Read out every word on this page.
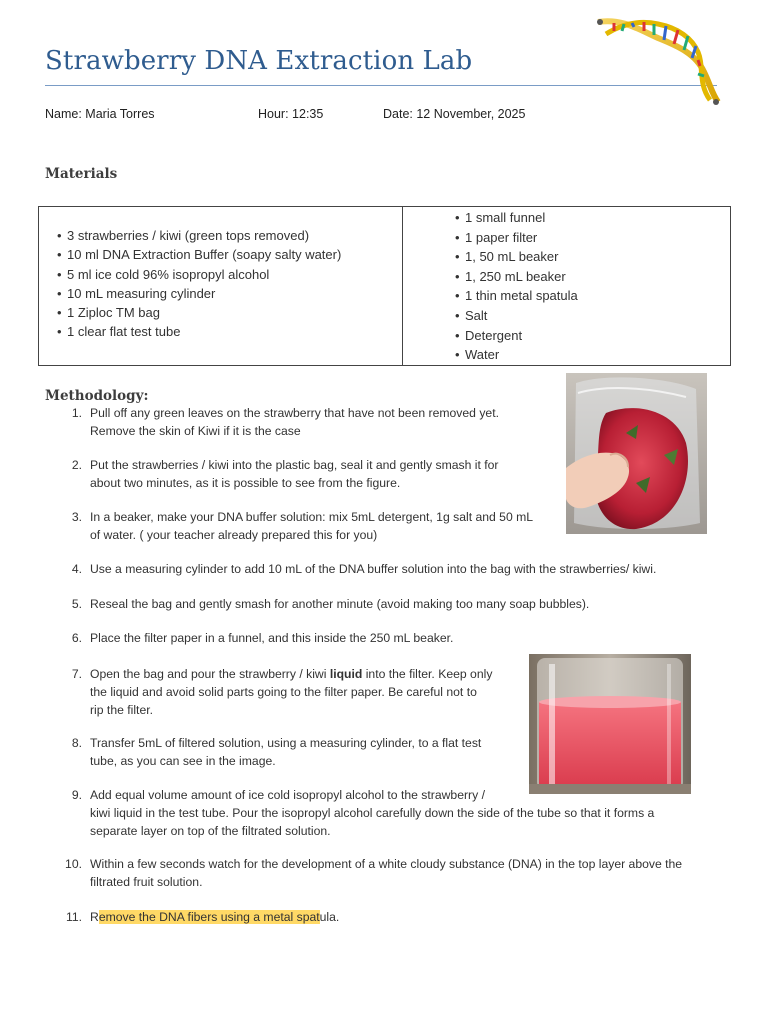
Strawberry DNA Extraction Lab
Name: Maria Torres	Hour: 12:35	Date: 12 November, 2025
Materials
• 3 strawberries / kiwi (green tops removed)
• 10 ml DNA Extraction Buffer (soapy salty water)
• 5 ml ice cold 96% isopropyl alcohol
• 10 mL measuring cylinder
• 1 Ziploc TM bag
• 1 clear flat test tube

• 1 small funnel
• 1 paper filter
• 1, 50 mL beaker
• 1, 250 mL beaker
• 1 thin metal spatula
• Salt
• Detergent
• Water
Methodology:
1. Pull off any green leaves on the strawberry that have not been removed yet.
Remove the skin of Kiwi if it is the case
2. Put the strawberries / kiwi into the plastic bag, seal it and gently smash it for
about two minutes, as it is possible to see from the figure.
3. In a beaker, make your DNA buffer solution: mix 5mL detergent, 1g salt and 50 mL
of water. ( your teacher already prepared this for you)
4. Use a measuring cylinder to add 10 mL of the DNA buffer solution into the bag with the strawberries/ kiwi.
5. Reseal the bag and gently smash for another minute (avoid making too many soap bubbles).
6. Place the filter paper in a funnel, and this inside the 250 mL beaker.
7. Open the bag and pour the strawberry / kiwi liquid into the filter. Keep only
the liquid and avoid solid parts going to the filter paper. Be careful not to
rip the filter.
8. Transfer 5mL of filtered solution, using a measuring cylinder, to a flat test
tube, as you can see in the image.
9. Add equal volume amount of ice cold isopropyl alcohol to the strawberry /
kiwi liquid in the test tube. Pour the isopropyl alcohol carefully down the side of the tube so that it forms a
separate layer on top of the filtrated solution.
10. Within a few seconds watch for the development of a white cloudy substance (DNA) in the top layer above the
filtrated fruit solution.
11. Remove the DNA fibers using a metal spatula.
